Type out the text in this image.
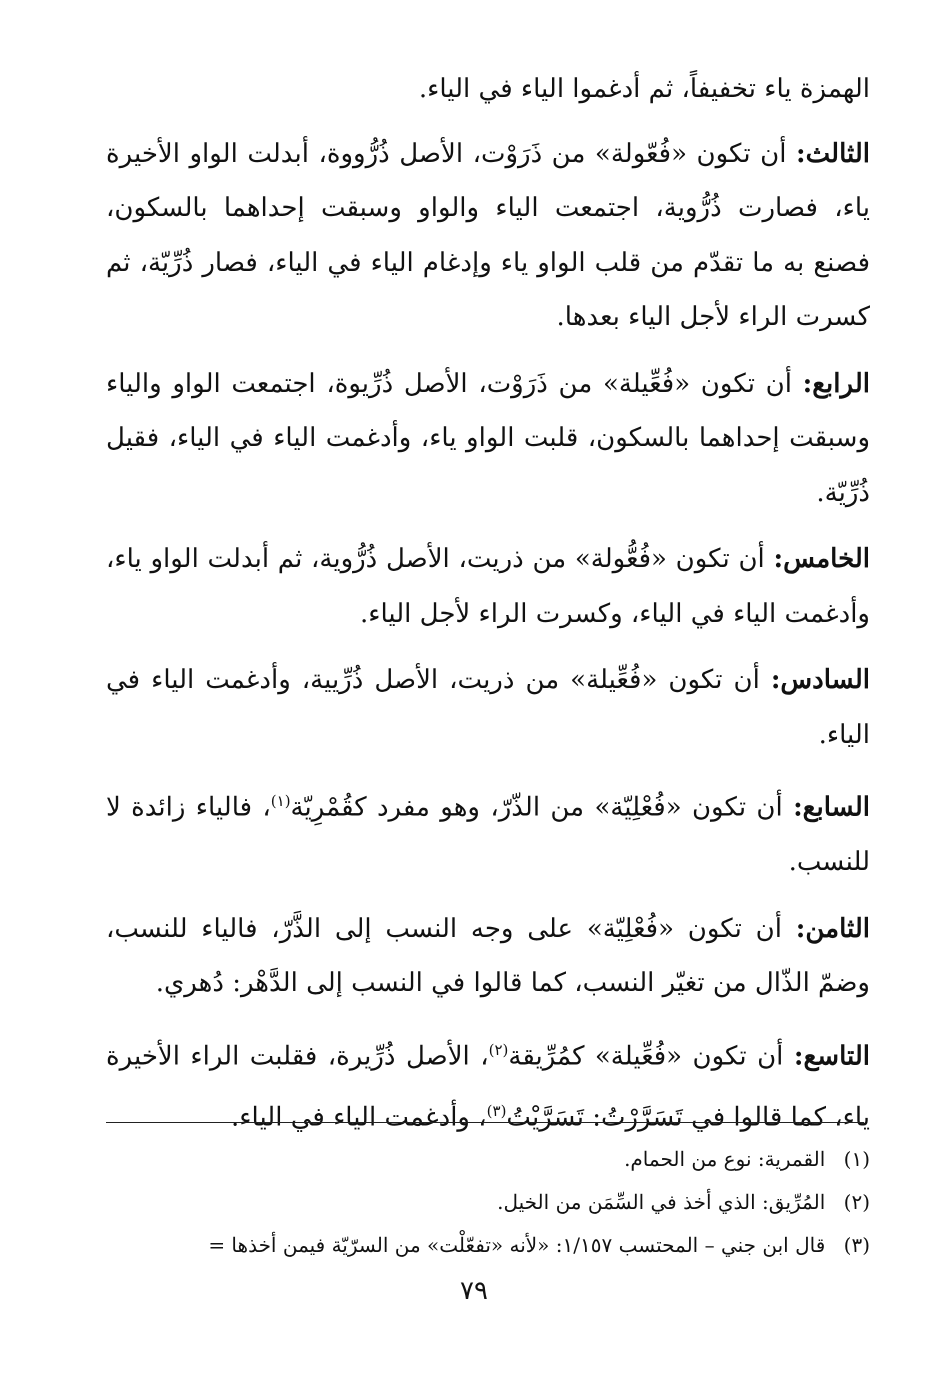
الهمزة ياء تخفيفاً، ثم أدغموا الياء في الياء.

الثالث: أن تكون «فُعّولة» من ذَرَوْت، الأصل ذُرُّووة، أبدلت الواو الأخيرة ياء، فصارت ذُرُّوية، اجتمعت الياء والواو وسبقت إحداهما بالسكون، فصنع به ما تقدّم من قلب الواو ياء وإدغام الياء في الياء، فصار ذُرِّيّة، ثم كسرت الراء لأجل الياء بعدها.

الرابع: أن تكون «فُعِّيلة» من ذَرَوْت، الأصل ذُرِّيوة، اجتمعت الواو والياء وسبقت إحداهما بالسكون، قلبت الواو ياء، وأدغمت الياء في الياء، فقيل ذُرِّيّة.

الخامس: أن تكون «فُعُّولة» من ذريت، الأصل ذُرُّوية، ثم أبدلت الواو ياء، وأدغمت الياء في الياء، وكسرت الراء لأجل الياء.

السادس: أن تكون «فُعِّيلة» من ذريت، الأصل ذُرِّيية، وأدغمت الياء في الياء.

السابع: أن تكون «فُعْلِيّة» من الذّرّ، وهو مفرد كقُمْرِيّة$^{(١)}$، فالياء زائدة لا للنسب.

الثامن: أن تكون «فُعْلِيّة» على وجه النسب إلى الذَّرّ، فالياء للنسب، وضمّ الذّال من تغيّر النسب، كما قالوا في النسب إلى الدَّهْر: دُهري.

التاسع: أن تكون «فُعِّيلة» كمُرِّيقة$^{(٢)}$، الأصل ذُرِّيرة، فقلبت الراء الأخيرة ياء، كما قالوا في تَسَرَّرْتُ: تَسَرَّيْتُ$^{(٣)}$، وأدغمت الياء في الياء.

(١) القمرية: نوع من الحمام.

(٢) المُرِّيق: الذي أخذ في السِّمَن من الخيل.

(٣) قال ابن جني – المحتسب ١/١٥٧: «لأنه «تفعّلْت» من السرّيّة فيمن أخذها =

٧٩
